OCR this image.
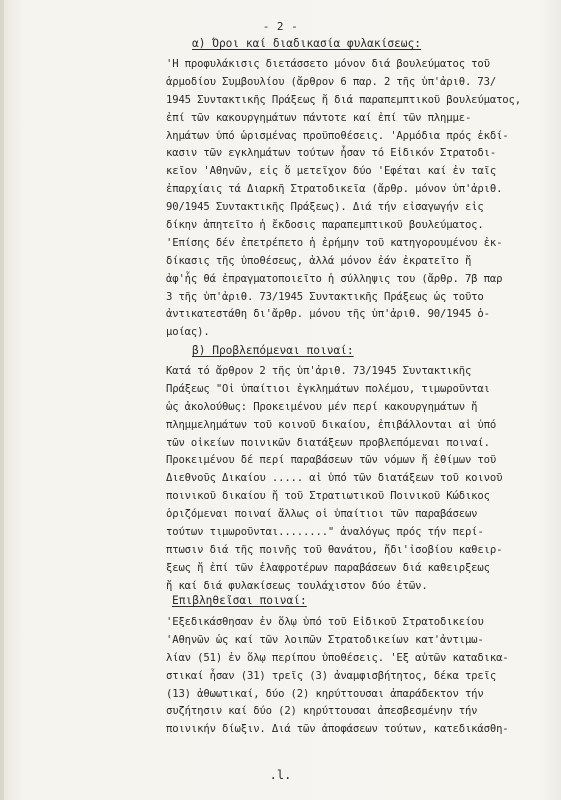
- 2 -
α) Όροι καί διαδικασία φυλακίσεως:
'Η προφυλάκισις διετάσσετο μόνον διά βουλεύματος τοῦ
ἁρμοδίου Συμβουλίου (ἄρθρον 6 παρ. 2 τῆς ὑπ'ἀριθ. 73/
1945 Συντακτικῆς Πράξεως ἤ διά παραπεμπτικοῦ βουλεύματος,
ἐπί τῶν κακουργημάτων πάντοτε καί ἐπί τῶν πλημμε-
λημάτων ὑπό ὡρισμένας προϋποθέσεις. 'Αρμόδια πρός ἐκδί-
κασιν τῶν εγκλημάτων τούτων ἦσαν τό Εἰδικόν Στρατοδι-
κεῖον 'Αθηνῶν, εἰς ὅ μετεῖχον δύο 'Εφέται καί ἐν ταῖς
ἐπαρχίαις τά Διαρκῆ Στρατοδικεῖα (ἄρθρ. μόνον ὑπ'ἀριθ.
90/1945 Συντακτικῆς Πράξεως). Διά τήν εἰσαγωγήν εἰς
δίκην ἀπητεῖτο ἡ ἔκδοσις παραπεμπτικοῦ βουλεύματος.
'Επίσης δέν ἐπετρέπετο ἡ ἐρήμην τοῦ κατηγορουμένου ἐκ-
δίκασις τῆς ὑποθέσεως, ἀλλά μόνον ἐάν ἐκρατεῖτο ἤ
ἀφ'ἧς θά ἐπραγματοποιεῖτο ἡ σύλληψις του (ἄρθρ. 7β παρ
3 τῆς ὑπ'ἀριθ. 73/1945 Συντακτικῆς Πράξεως ὡς τοῦτο
ἀντικατεστάθη δι'ἄρθρ. μόνου τῆς ὑπ'ἀριθ. 90/1945 ὁ-
μοίας).
β) Προβλεπόμεναι ποιναί:
Κατά τό ἄρθρον 2 τῆς ὑπ'ἀριθ. 73/1945 Συντακτικῆς
Πράξεως "Οἱ ὑπαίτιοι ἐγκλημάτων πολέμου, τιμωροῦνται
ὡς ἀκολούθως: Προκειμένου μέν περί κακουργημάτων ἤ
πλημμελημάτων τοῦ κοινοῦ δικαίου, ἐπιβάλλονται αἱ ὑπό
τῶν οἰκείων ποινικῶν διατάξεων προβλεπόμεναι ποιναί.
Προκειμένου δέ περί παραβάσεων τῶν νόμων ἤ ἐθίμων τοῦ
Διεθνοῦς Δικαίου ..... αἱ ὑπό τῶν διατάξεων τοῦ κοινοῦ
ποινικοῦ δικαίου ἤ τοῦ Στρατιωτικοῦ Ποινικοῦ Κώδικος
ὁριζόμεναι ποιναί ἄλλως οἱ ὑπαίτιοι τῶν παραβάσεων
τούτων τιμωροῦνται........" ἀναλόγως πρός τήν περί-
πτωσιν διά τῆς ποινῆς τοῦ θανάτου, ἤδι'ἰσοβίου καθειρ-
ξεως ἤ ἐπί τῶν ἐλαφροτέρων παραβάσεων διά καθειρξεως
ἤ καί διά φυλακίσεως τουλάχιστον δύο ἐτῶν.
Επιβληθεῖσαι ποιναί:
'Εξεδικάσθησαν ἐν ὅλῳ ὑπό τοῦ Εἰδικοῦ Στρατοδικείου
'Αθηνῶν ὡς καί τῶν λοιπῶν Στρατοδικείων κατ'ἀντιμω-
λίαν (51) ἐν ὅλῳ περίπου ὑποθέσεις. 'Εξ αὐτῶν καταδικα-
στικαί ἦσαν (31) τρεῖς (3) ἀναμφισβήτητος, δέκα τρεῖς
(13) ἀθωωτικαί, δύο (2) κηρύττουσαι ἀπαράδεκτον τήν
συζήτησιν καί δύο (2) κηρύττουσαι ἀπεσβεσμένην τήν
ποινικήν δίωξιν. Διά τῶν ἀποφάσεων τούτων, κατεδικάσθη-
.l.
